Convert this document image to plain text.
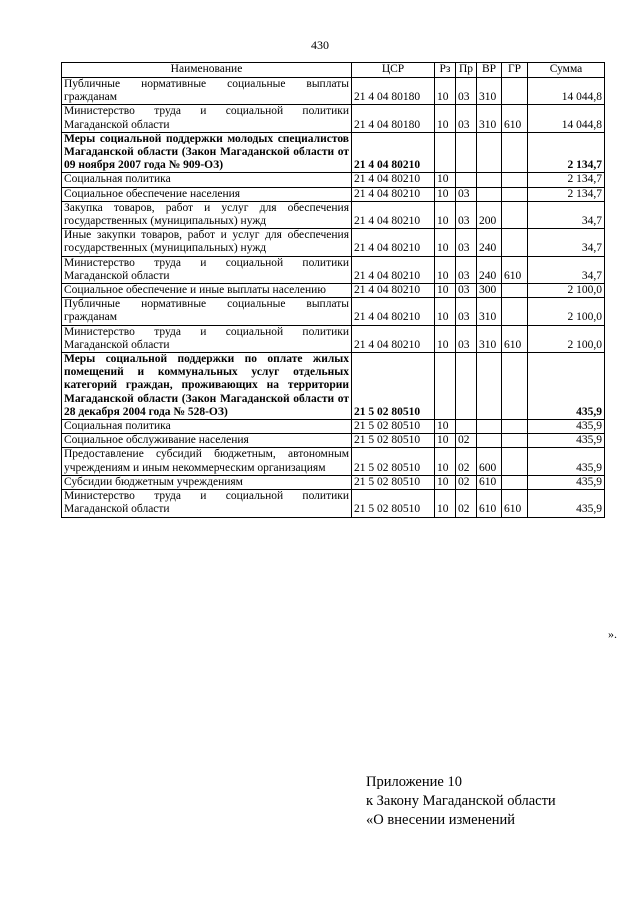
430
Наименование	ЦСР	Рз	Пр	ВР	ГР	Сумма
Публичные нормативные социальные выплаты гражданам	21 4 04 80180	10	03	310		14 044,8
Министерство труда и социальной политики Магаданской области	21 4 04 80180	10	03	310	610	14 044,8
Меры социальной поддержки молодых специалистов Магаданской области (Закон Магаданской области от 09 ноября 2007 года № 909-ОЗ)	21 4 04 80210					2 134,7
Социальная политика	21 4 04 80210	10				2 134,7
Социальное обеспечение населения	21 4 04 80210	10	03			2 134,7
Закупка товаров, работ и услуг для обеспечения государственных (муниципальных) нужд	21 4 04 80210	10	03	200		34,7
Иные закупки товаров, работ и услуг для обеспечения государственных (муниципальных) нужд	21 4 04 80210	10	03	240		34,7
Министерство труда и социальной политики Магаданской области	21 4 04 80210	10	03	240	610	34,7
Социальное обеспечение и иные выплаты населению	21 4 04 80210	10	03	300		2 100,0
Публичные нормативные социальные выплаты гражданам	21 4 04 80210	10	03	310		2 100,0
Министерство труда и социальной политики Магаданской области	21 4 04 80210	10	03	310	610	2 100,0
Меры социальной поддержки по оплате жилых помещений и коммунальных услуг отдельных категорий граждан, проживающих на территории Магаданской области (Закон Магаданской области от 28 декабря 2004 года № 528-ОЗ)	21 5 02 80510					435,9
Социальная политика	21 5 02 80510	10				435,9
Социальное обслуживание населения	21 5 02 80510	10	02			435,9
Предоставление субсидий бюджетным, автономным учреждениям и иным некоммерческим организациям	21 5 02 80510	10	02	600		435,9
Субсидии бюджетным учреждениям	21 5 02 80510	10	02	610		435,9
Министерство труда и социальной политики Магаданской области	21 5 02 80510	10	02	610	610	435,9
».
Приложение 10
к Закону Магаданской области
«О внесении изменений
